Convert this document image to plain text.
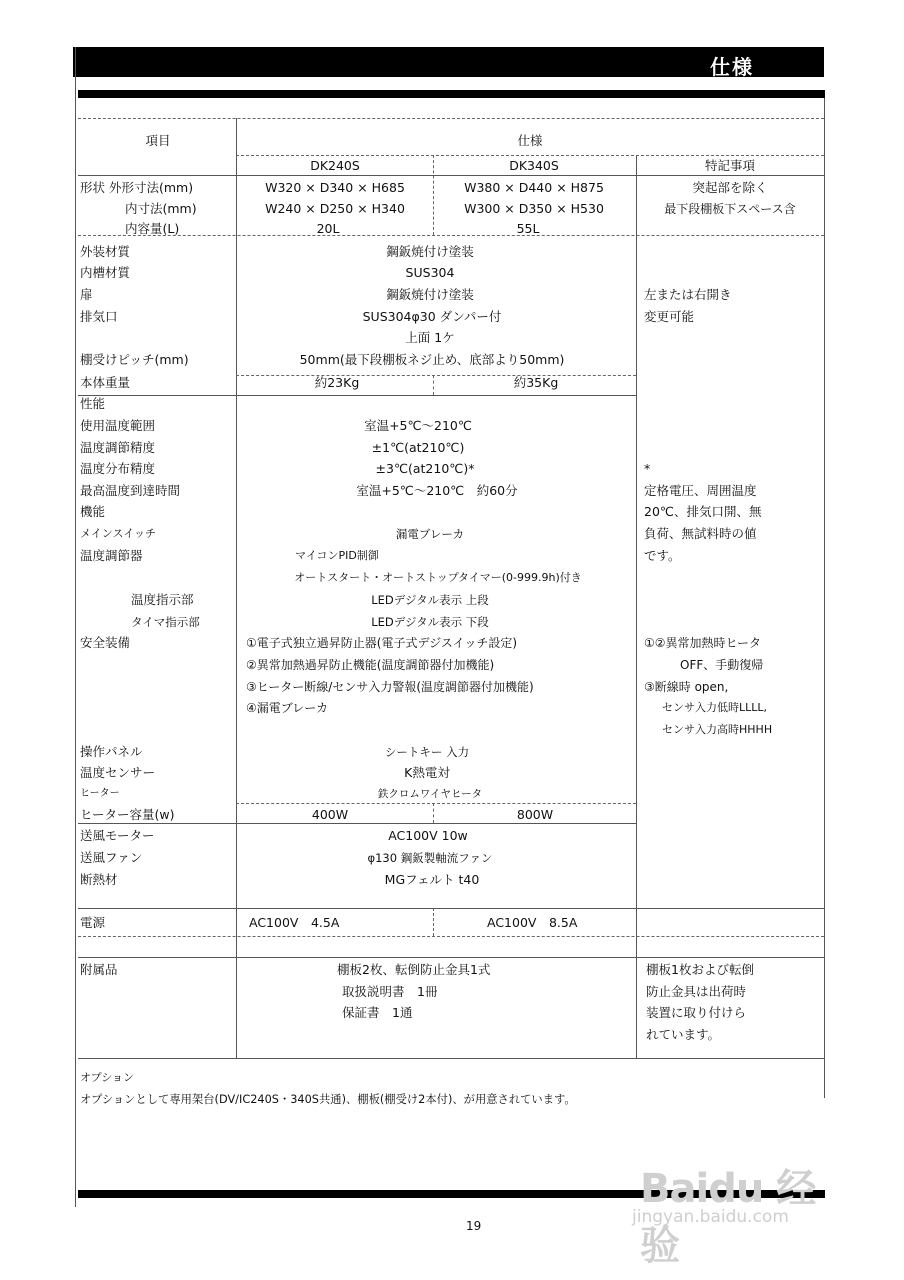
仕様
項目	仕様
DK240S	DK340S	特記事項
形状 外形寸法(mm)	W320 × D340 × H685	W380 × D440 × H875	突起部を除く
内寸法(mm)	W240 × D250 × H340	W300 × D350 × H530	最下段棚板下スペース含
内容量(L)	20L	55L
外装材質	鋼鈑焼付け塗装
内槽材質	SUS304
扉	鋼鈑焼付け塗装	左または右開き
排気口	SUS304φ30 ダンパー付	変更可能
上面 1ケ
棚受けピッチ(mm)	50mm(最下段棚板ネジ止め、底部より50mm)
本体重量	約23Kg	約35Kg
性能
使用温度範囲	室温+5℃～210℃
温度調節精度	±1℃(at210℃)
温度分布精度	±3℃(at210℃)*	*
最高温度到達時間	室温+5℃～210℃　約60分	定格電圧、周囲温度
機能	20℃、排気口開、無
メインスイッチ	漏電ブレーカ	負荷、無試料時の値
温度調節器	マイコンPID制御	です。
オートスタート・オートストップタイマー(0-999.9h)付き
温度指示部	LEDデジタル表示 上段
タイマ指示部	LEDデジタル表示 下段
安全装備	①電子式独立過昇防止器(電子式デジスイッチ設定)	①②異常加熱時ヒータ
②異常加熱過昇防止機能(温度調節器付加機能)	OFF、手動復帰
③ヒーター断線/センサ入力警報(温度調節器付加機能)	③断線時 open,
④漏電ブレーカ	センサ入力低時LLLL,
センサ入力高時HHHH
操作パネル	シートキー 入力
温度センサー	K熱電対
ヒーター	鉄クロムワイヤヒータ
ヒーター容量(w)	400W	800W
送風モーター	AC100V 10w
送風ファン	φ130 鋼鈑製軸流ファン
断熱材	MGフェルト t40
電源	AC100V　4.5A	AC100V　8.5A
附属品	棚板2枚、転倒防止金具1式
取扱説明書　1冊
保証書　1通
棚板1枚および転倒
防止金具は出荷時
装置に取り付けら
れています。
オプション
オプションとして専用架台(DV/IC240S・340S共通)、棚板(棚受け2本付)、が用意されています。
19
Baidu 经验
jingyan.baidu.com
